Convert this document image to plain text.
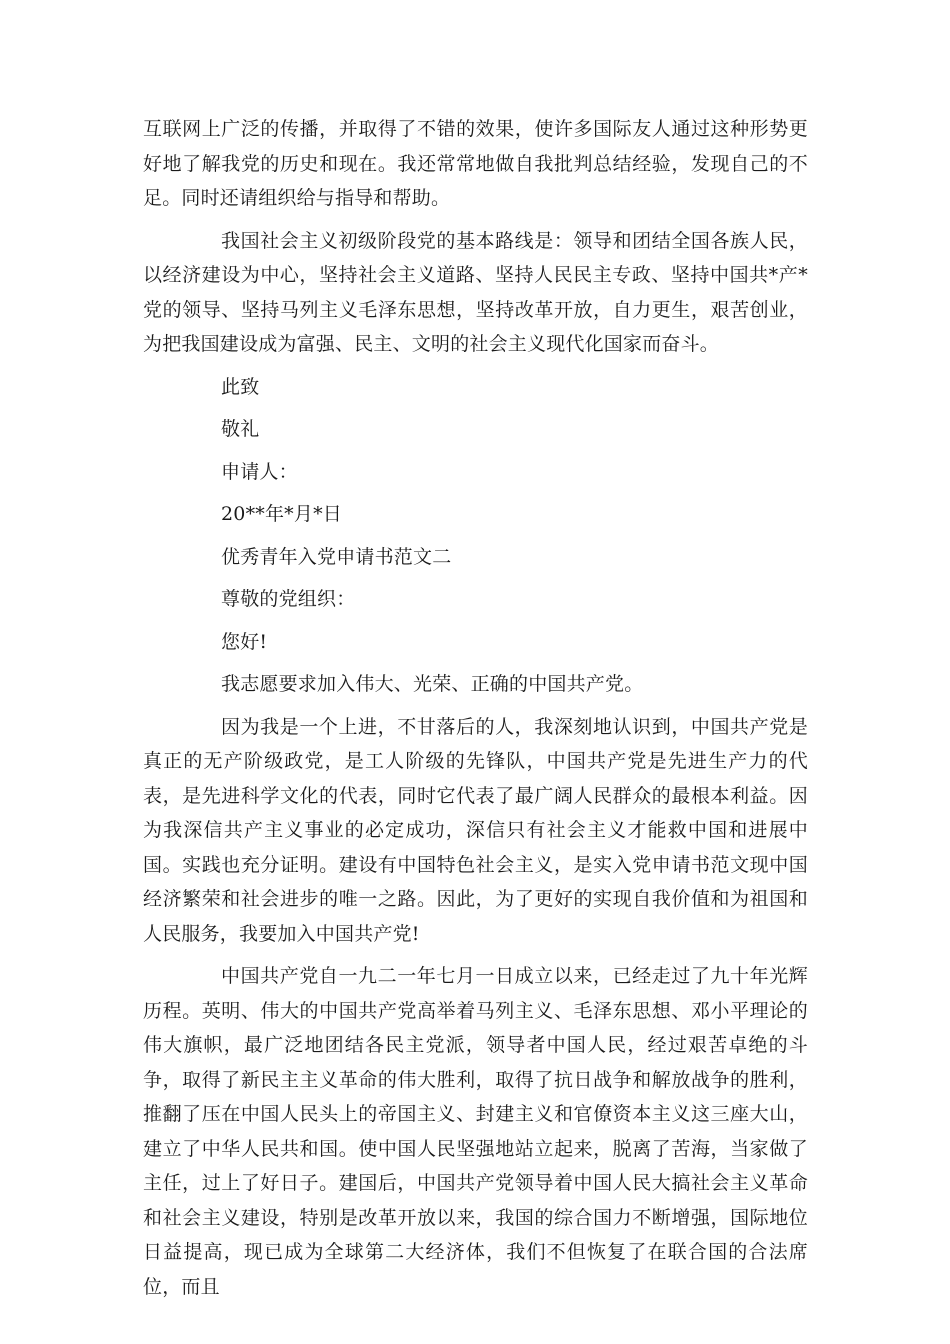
互联网上广泛的传播，并取得了不错的效果，使许多国际友人通过这种形势更好地了解我党的历史和现在。我还常常地做自我批判总结经验，发现自己的不足。同时还请组织给与指导和帮助。

我国社会主义初级阶段党的基本路线是：领导和团结全国各族人民，以经济建设为中心，坚持社会主义道路、坚持人民民主专政、坚持中国共*产*党的领导、坚持马列主义毛泽东思想，坚持改革开放，自力更生，艰苦创业，为把我国建设成为富强、民主、文明的社会主义现代化国家而奋斗。

此致
敬礼
申请人：
20**年*月*日
优秀青年入党申请书范文二
尊敬的党组织：
您好!
我志愿要求加入伟大、光荣、正确的中国共产党。

因为我是一个上进，不甘落后的人，我深刻地认识到，中国共产党是真正的无产阶级政党，是工人阶级的先锋队，中国共产党是先进生产力的代表，是先进科学文化的代表，同时它代表了最广阔人民群众的最根本利益。因为我深信共产主义事业的必定成功，深信只有社会主义才能救中国和进展中国。实践也充分证明。建设有中国特色社会主义，是实入党申请书范文现中国经济繁荣和社会进步的唯一之路。因此，为了更好的实现自我价值和为祖国和人民服务，我要加入中国共产党!

中国共产党自一九二一年七月一日成立以来，已经走过了九十年光辉历程。英明、伟大的中国共产党高举着马列主义、毛泽东思想、邓小平理论的伟大旗帜，最广泛地团结各民主党派，领导者中国人民，经过艰苦卓绝的斗争，取得了新民主主义革命的伟大胜利，取得了抗日战争和解放战争的胜利，推翻了压在中国人民头上的帝国主义、封建主义和官僚资本主义这三座大山，建立了中华人民共和国。使中国人民坚强地站立起来，脱离了苦海，当家做了主任，过上了好日子。建国后，中国共产党领导着中国人民大搞社会主义革命和社会主义建设，特别是改革开放以来，我国的综合国力不断增强，国际地位日益提高，现已成为全球第二大经济体，我们不但恢复了在联合国的合法席位，而且
